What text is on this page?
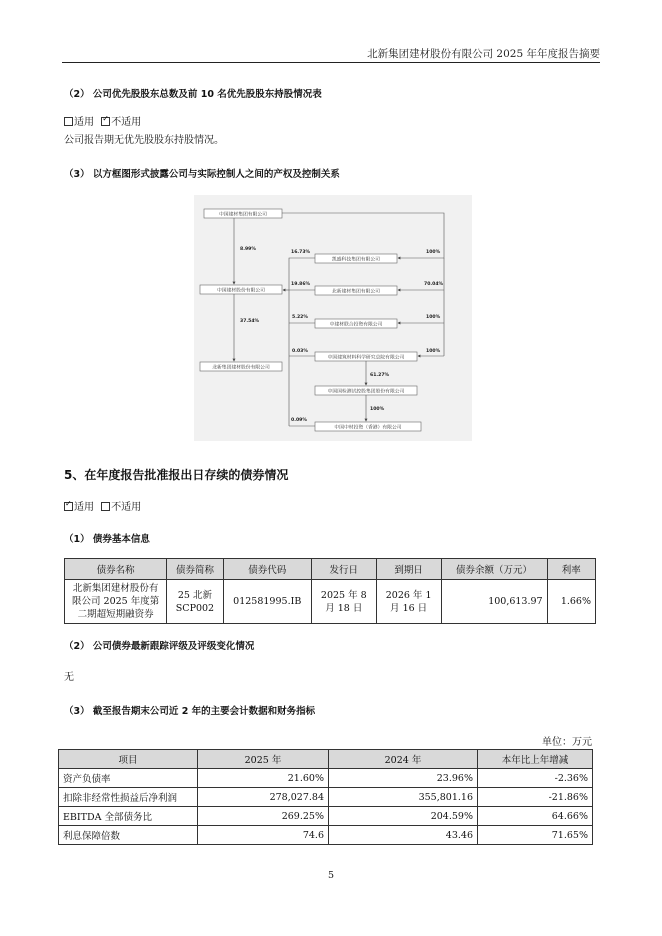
北新集团建材股份有限公司 2025 年年度报告摘要
（2） 公司优先股股东总数及前 10 名优先股股东持股情况表
适用 ✓ 不适用
公司报告期无优先股股东持股情况。
（3） 以方框图形式披露公司与实际控制人之间的产权及控制关系
中国建材集团有限公司
中国建材股份有限公司
北新集团建材股份有限公司
凯盛科技集团有限公司
北新建材集团有限公司
中建材联合投资有限公司
中国建筑材料科学研究总院有限公司
中国国检测试控股集团股份有限公司
中国中材投资（香港）有限公司
8.99%
37.54%
16.73%	100%
19.86%	70.04%
5.22%	100%
0.03%	100%
61.27%
100%
0.09%
5、在年度报告批准报出日存续的债券情况
✓适用 不适用
（1） 债券基本信息
债券名称	债券简称	债券代码	发行日	到期日	债券余额（万元）	利率
北新集团建材股份有限公司 2025 年度第二期超短期融资券	25 北新 SCP002	012581995.IB	2025 年 8 月 18 日	2026 年 1 月 16 日	100,613.97	1.66%
（2） 公司债券最新跟踪评级及评级变化情况
无
（3） 截至报告期末公司近 2 年的主要会计数据和财务指标
单位：万元
项目	2025 年	2024 年	本年比上年增减
资产负债率	21.60%	23.96%	-2.36%
扣除非经常性损益后净利润	278,027.84	355,801.16	-21.86%
EBITDA 全部债务比	269.25%	204.59%	64.66%
利息保障倍数	74.6	43.46	71.65%
5
